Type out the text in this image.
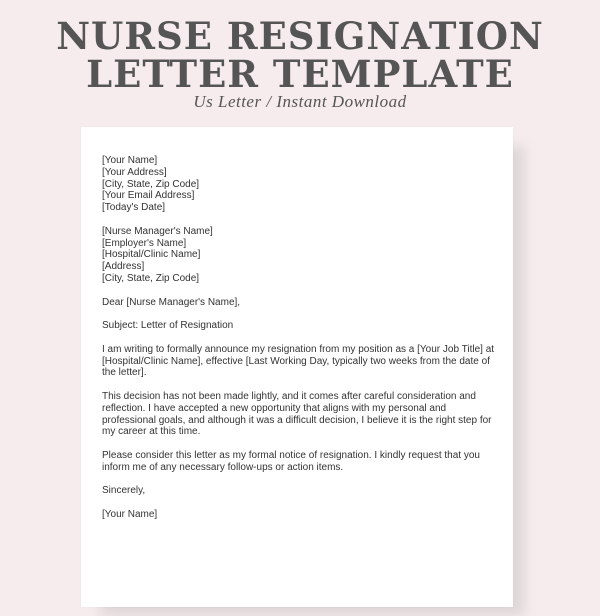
NURSE RESIGNATION
LETTER TEMPLATE
Us Letter / Instant Download
[Your Name]
[Your Address]
[City, State, Zip Code]
[Your Email Address]
[Today's Date]
[Nurse Manager's Name]
[Employer's Name]
[Hospital/Clinic Name]
[Address]
[City, State, Zip Code]
Dear [Nurse Manager's Name],
Subject: Letter of Resignation
I am writing to formally announce my resignation from my position as a [Your Job Title] at [Hospital/Clinic Name], effective [Last Working Day, typically two weeks from the date of the letter].
This decision has not been made lightly, and it comes after careful consideration and reflection. I have accepted a new opportunity that aligns with my personal and professional goals, and although it was a difficult decision, I believe it is the right step for my career at this time.
Please consider this letter as my formal notice of resignation. I kindly request that you inform me of any necessary follow-ups or action items.
Sincerely,
[Your Name]
